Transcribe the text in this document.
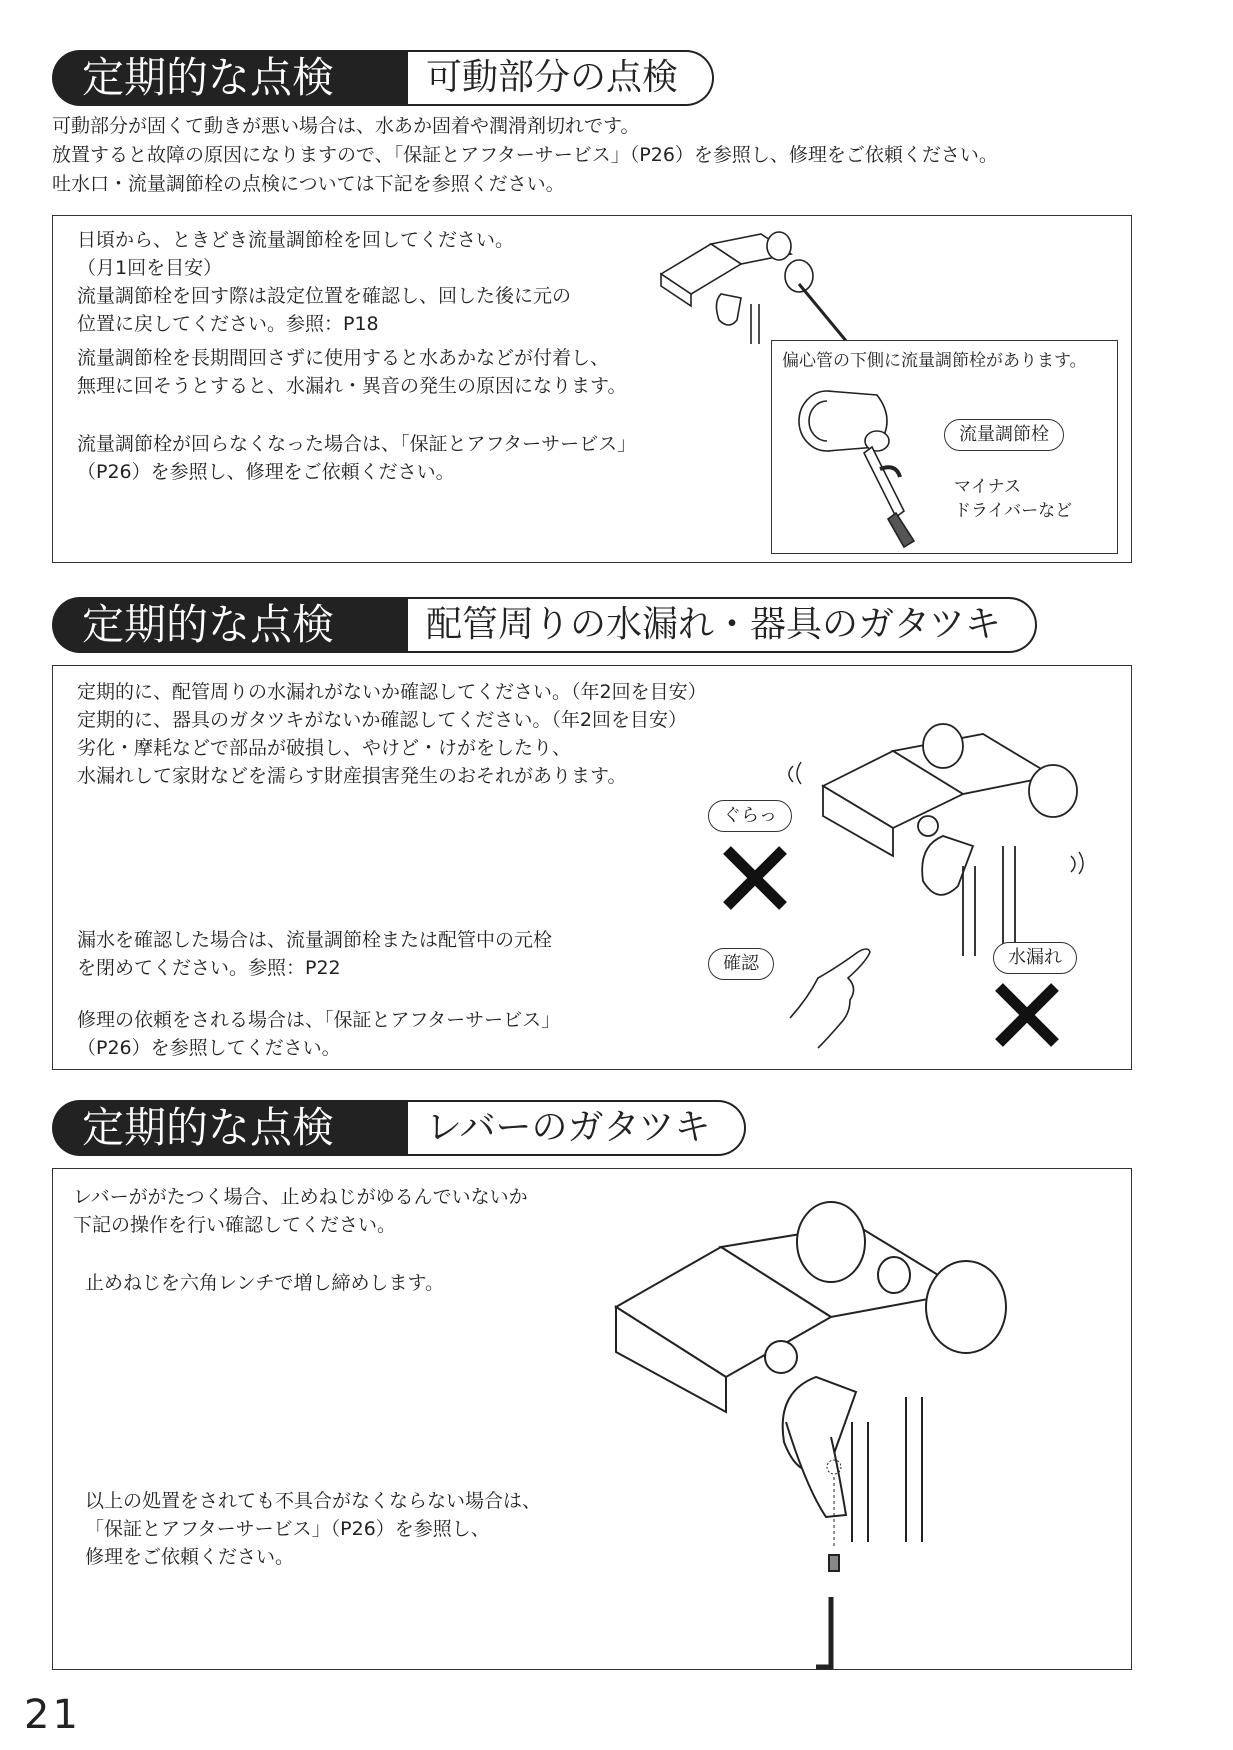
定期的な点検	可動部分の点検
可動部分が固くて動きが悪い場合は、水あか固着や潤滑剤切れです。
放置すると故障の原因になりますので、「保証とアフターサービス」（P26）を参照し、修理をご依頼ください。
吐水口・流量調節栓の点検については下記を参照ください。
日頃から、ときどき流量調節栓を回してください。
（月1回を目安）
流量調節栓を回す際は設定位置を確認し、回した後に元の
位置に戻してください。参照：P18
流量調節栓を長期間回さずに使用すると水あかなどが付着し、
無理に回そうとすると、水漏れ・異音の発生の原因になります。
流量調節栓が回らなくなった場合は、「保証とアフターサービス」
（P26）を参照し、修理をご依頼ください。
偏心管の下側に流量調節栓があります。
流量調節栓
マイナス
ドライバーなど
定期的な点検	配管周りの水漏れ・器具のガタツキ
定期的に、配管周りの水漏れがないか確認してください。（年2回を目安）
定期的に、器具のガタツキがないか確認してください。（年2回を目安）
劣化・摩耗などで部品が破損し、やけど・けがをしたり、
水漏れして家財などを濡らす財産損害発生のおそれがあります。
漏水を確認した場合は、流量調節栓または配管中の元栓
を閉めてください。参照：P22
修理の依頼をされる場合は、「保証とアフターサービス」
（P26）を参照してください。
ぐらっ
確認	水漏れ
定期的な点検	レバーのガタツキ
レバーががたつく場合、止めねじがゆるんでいないか
下記の操作を行い確認してください。
止めねじを六角レンチで増し締めします。
以上の処置をされても不具合がなくならない場合は、
「保証とアフターサービス」（P26）を参照し、
修理をご依頼ください。
21
